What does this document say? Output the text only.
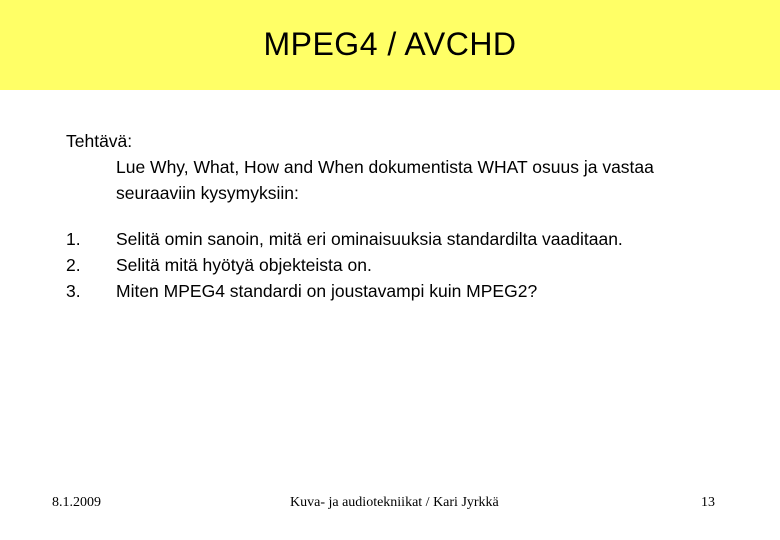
MPEG4 / AVCHD

Tehtävä:

Lue Why, What, How and When dokumentista WHAT osuus ja vastaa seuraaviin kysymyksiin:

1.	Selitä omin sanoin, mitä eri ominaisuuksia standardilta vaaditaan.
2.	Selitä mitä hyötyä objekteista on.
3.	Miten MPEG4 standardi on joustavampi kuin MPEG2?
8.1.2009	Kuva- ja audiotekniikat / Kari Jyrkkä	13
